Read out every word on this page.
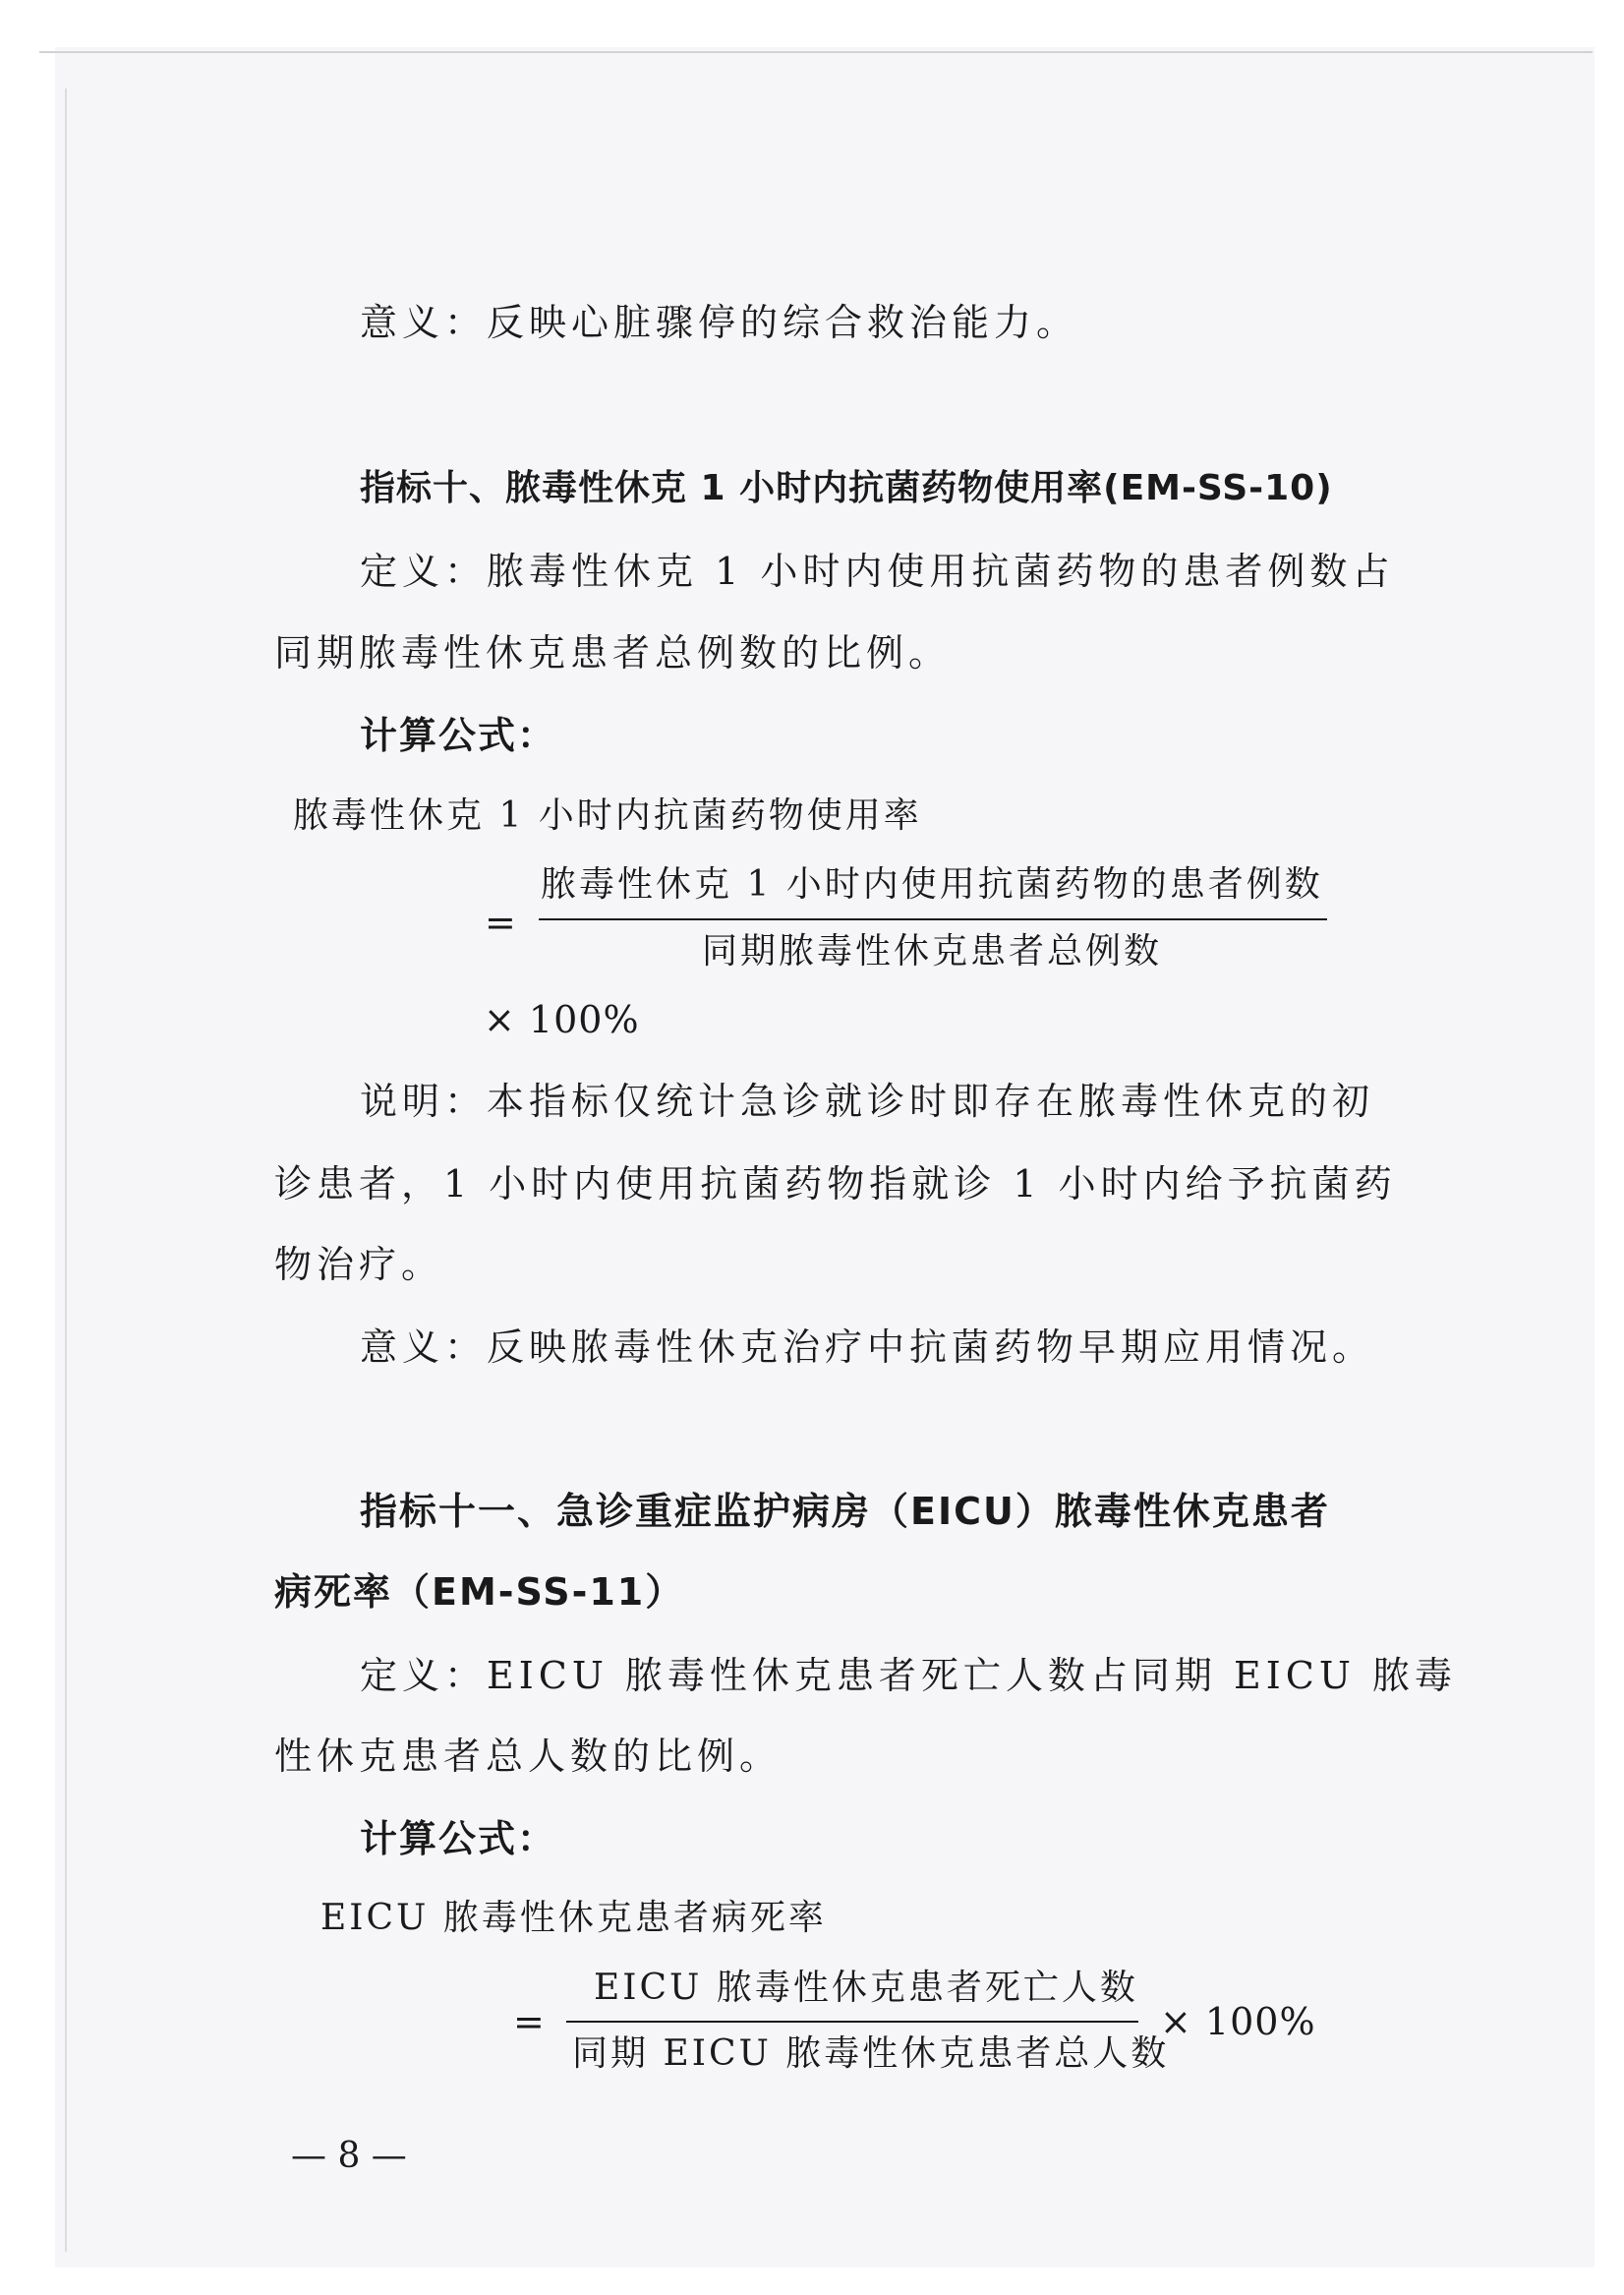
意义：反映心脏骤停的综合救治能力。
指标十、脓毒性休克 1 小时内抗菌药物使用率(EM-SS-10)
定义：脓毒性休克 1 小时内使用抗菌药物的患者例数占
同期脓毒性休克患者总例数的比例。
计算公式：
脓毒性休克 1 小时内抗菌药物使用率
=
脓毒性休克 1 小时内使用抗菌药物的患者例数
同期脓毒性休克患者总例数
× 100%
说明：本指标仅统计急诊就诊时即存在脓毒性休克的初
诊患者，1 小时内使用抗菌药物指就诊 1 小时内给予抗菌药
物治疗。
意义：反映脓毒性休克治疗中抗菌药物早期应用情况。
指标十一、急诊重症监护病房（EICU）脓毒性休克患者
病死率（EM-SS-11）
定义：EICU 脓毒性休克患者死亡人数占同期 EICU 脓毒
性休克患者总人数的比例。
计算公式：
EICU 脓毒性休克患者病死率
=
EICU 脓毒性休克患者死亡人数
同期 EICU 脓毒性休克患者总人数
× 100%
— 8 —
